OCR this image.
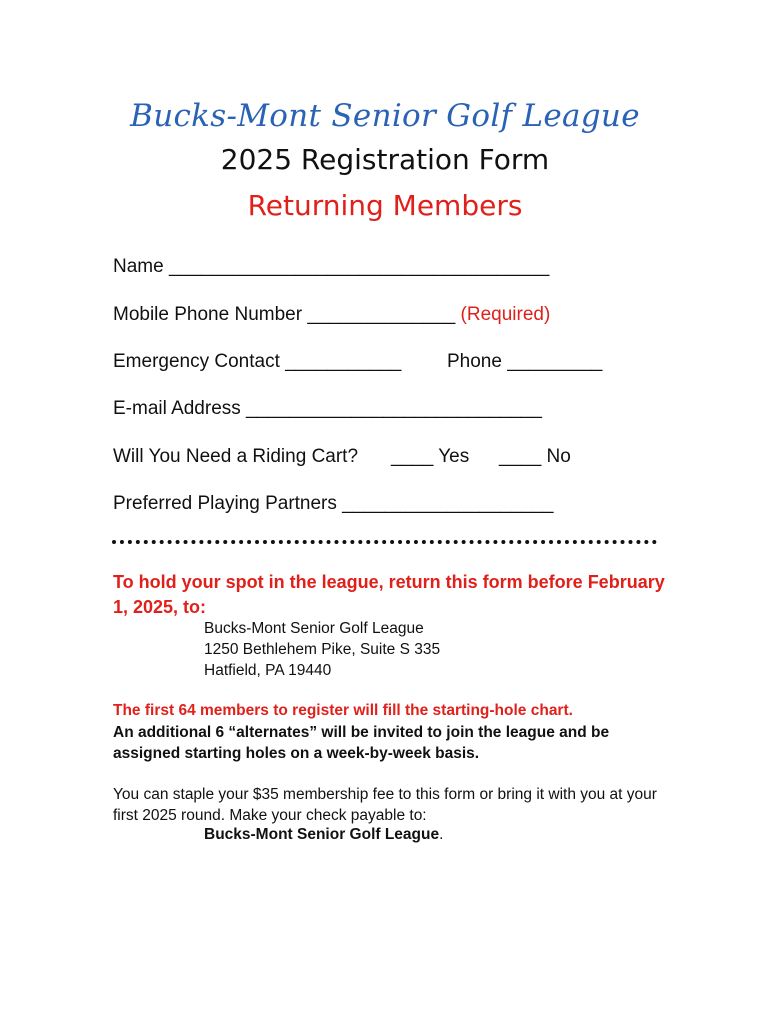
Bucks-Mont Senior Golf League
2025 Registration Form
Returning Members
Name ____________________________________
Mobile Phone Number ______________ (Required)
Emergency Contact ___________ Phone _________
E-mail Address ____________________________
Will You Need a Riding Cart? ____ Yes ____ No
Preferred Playing Partners ____________________
To hold your spot in the league, return this form before February 1, 2025, to:
Bucks-Mont Senior Golf League
1250 Bethlehem Pike, Suite S 335
Hatfield, PA 19440
The first 64 members to register will fill the starting-hole chart.
An additional 6 “alternates” will be invited to join the league and be assigned starting holes on a week-by-week basis.
You can staple your $35 membership fee to this form or bring it with you at your first 2025 round. Make your check payable to:
Bucks-Mont Senior Golf League.
